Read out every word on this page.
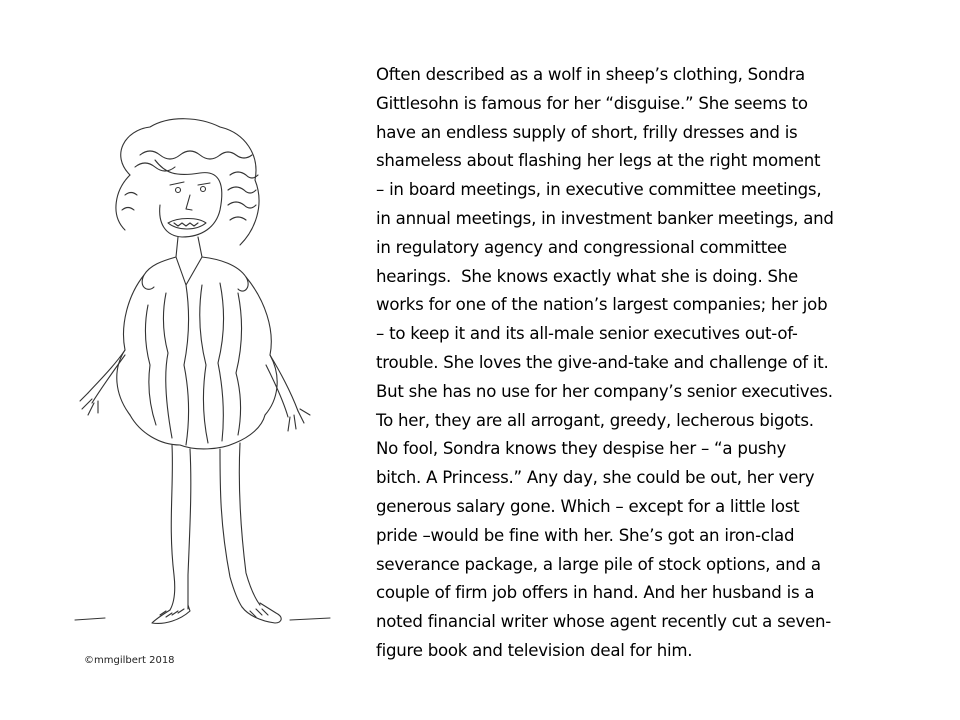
©mmgilbert 2018
Often described as a wolf in sheep’s clothing, Sondra
Gittlesohn is famous for her “disguise.” She seems to
have an endless supply of short, frilly dresses and is
shameless about flashing her legs at the right moment
– in board meetings, in executive committee meetings,
in annual meetings, in investment banker meetings, and
in regulatory agency and congressional committee
hearings.  She knows exactly what she is doing. She
works for one of the nation’s largest companies; her job
– to keep it and its all-male senior executives out-of-
trouble. She loves the give-and-take and challenge of it.
But she has no use for her company’s senior executives.
To her, they are all arrogant, greedy, lecherous bigots.
No fool, Sondra knows they despise her – “a pushy
bitch. A Princess.” Any day, she could be out, her very
generous salary gone. Which – except for a little lost
pride –would be fine with her. She’s got an iron-clad
severance package, a large pile of stock options, and a
couple of firm job offers in hand. And her husband is a
noted financial writer whose agent recently cut a seven-
figure book and television deal for him.
